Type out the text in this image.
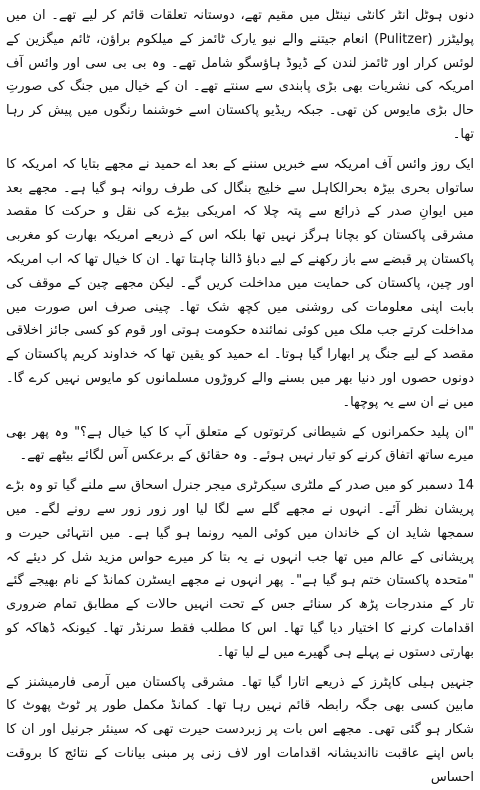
دنوں ہوٹل انٹر کانٹی نینٹل میں مقیم تھے، دوستانہ تعلقات قائم کر لیے تھے۔ ان میں پولیٹزر (Pulitzer) انعام جیتنے والے نیو یارک ٹائمز کے میلکوم براؤن، ٹائم میگزین کے لوئس کرار اور ٹائمز لندن کے ڈیوڈ ہاؤسگو شامل تھے۔ وہ بی بی سی اور وائس آف امریکہ کی نشریات بھی بڑی پابندی سے سنتے تھے۔ ان کے خیال میں جنگ کی صورتِ حال بڑی مایوس کن تھی۔ جبکہ ریڈیو پاکستان اسے خوشنما رنگوں میں پیش کر رہا تھا۔

ایک روز وائس آف امریکہ سے خبریں سننے کے بعد اے حمید نے مجھے بتایا کہ امریکہ کا ساتواں بحری بیڑہ بحرالکاہل سے خلیج بنگال کی طرف روانہ ہو گیا ہے۔ مجھے بعد میں ایوانِ صدر کے ذرائع سے پتہ چلا کہ امریکی بیڑے کی نقل و حرکت کا مقصد مشرقی پاکستان کو بچانا ہرگز نہیں تھا بلکہ اس کے ذریعے امریکہ بھارت کو مغربی پاکستان پر قبضے سے باز رکھنے کے لیے دباؤ ڈالنا چاہتا تھا۔ ان کا خیال تھا کہ اب امریکہ اور چین، پاکستان کی حمایت میں مداخلت کریں گے۔ لیکن مجھے چین کے موقف کی بابت اپنی معلومات کی روشنی میں کچھ شک تھا۔ چینی صرف اس صورت میں مداخلت کرتے جب ملک میں کوئی نمائندہ حکومت ہوتی اور قوم کو کسی جائز اخلاقی مقصد کے لیے جنگ پر ابھارا گیا ہوتا۔ اے حمید کو یقین تھا کہ خداوند کریم پاکستان کے دونوں حصوں اور دنیا بھر میں بسنے والے کروڑوں مسلمانوں کو مایوس نہیں کرے گا۔ میں نے ان سے یہ پوچھا۔

"ان پلید حکمرانوں کے شیطانی کرتوتوں کے متعلق آپ کا کیا خیال ہے؟" وہ پھر بھی میرے ساتھ اتفاق کرنے کو تیار نہیں ہوئے۔ وہ حقائق کے برعکس آس لگائے بیٹھے تھے۔

14 دسمبر کو میں صدر کے ملٹری سیکرٹری میجر جنرل اسحاق سے ملنے گیا تو وہ بڑے پریشان نظر آئے۔ انہوں نے مجھے گلے سے لگا لیا اور زور زور سے رونے لگے۔ میں سمجھا شاید ان کے خاندان میں کوئی المیہ رونما ہو گیا ہے۔ میں انتہائی حیرت و پریشانی کے عالم میں تھا جب انہوں نے یہ بتا کر میرے حواس مزید شل کر دیئے کہ "متحدہ پاکستان ختم ہو گیا ہے"۔ پھر انہوں نے مجھے ایسٹرن کمانڈ کے نام بھیجے گئے تار کے مندرجات پڑھ کر سنائے جس کے تحت انہیں حالات کے مطابق تمام ضروری اقدامات کرنے کا اختیار دیا گیا تھا۔ اس کا مطلب فقط سرنڈر تھا۔ کیونکہ ڈھاکہ کو بھارتی دستوں نے پہلے ہی گھیرے میں لے لیا تھا۔

جنہیں ہیلی کاپٹرز کے ذریعے اتارا گیا تھا۔ مشرقی پاکستان میں آرمی فارمیشنز کے مابین کسی بھی جگہ رابطہ قائم نہیں رہا تھا۔ کمانڈ مکمل طور پر ٹوٹ پھوٹ کا شکار ہو گئی تھی۔ مجھے اس بات پر زبردست حیرت تھی کہ سینئر جرنیل اور ان کا باس اپنے عاقبت نااندیشانہ اقدامات اور لاف زنی پر مبنی بیانات کے نتائج کا بروقت احساس
